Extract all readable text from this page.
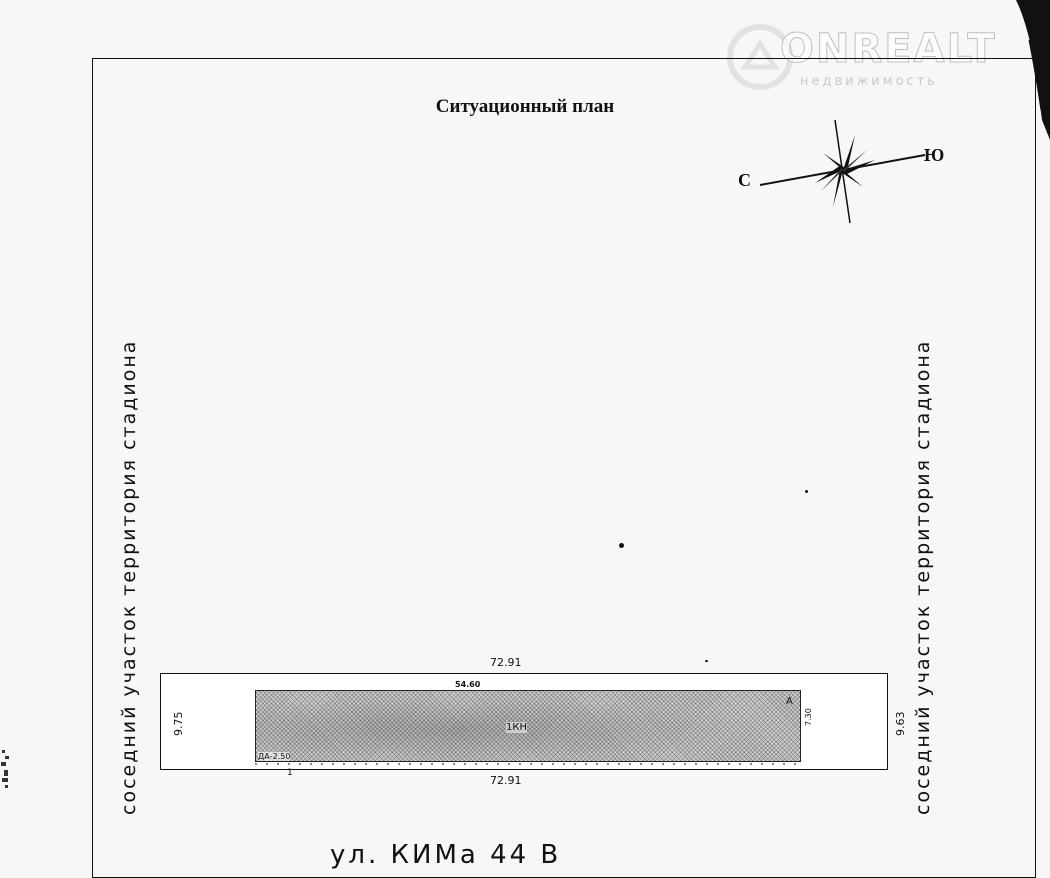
ONREALT
недвижимость
Ситуационный план
С
Ю
соседний участок территория стадиона	соседний участок территория стадиона
72.91
72.91
9.75	9.63
1
54.60
1КН
7.30
А
ДА-2.50
ул. КИМа 44 В
